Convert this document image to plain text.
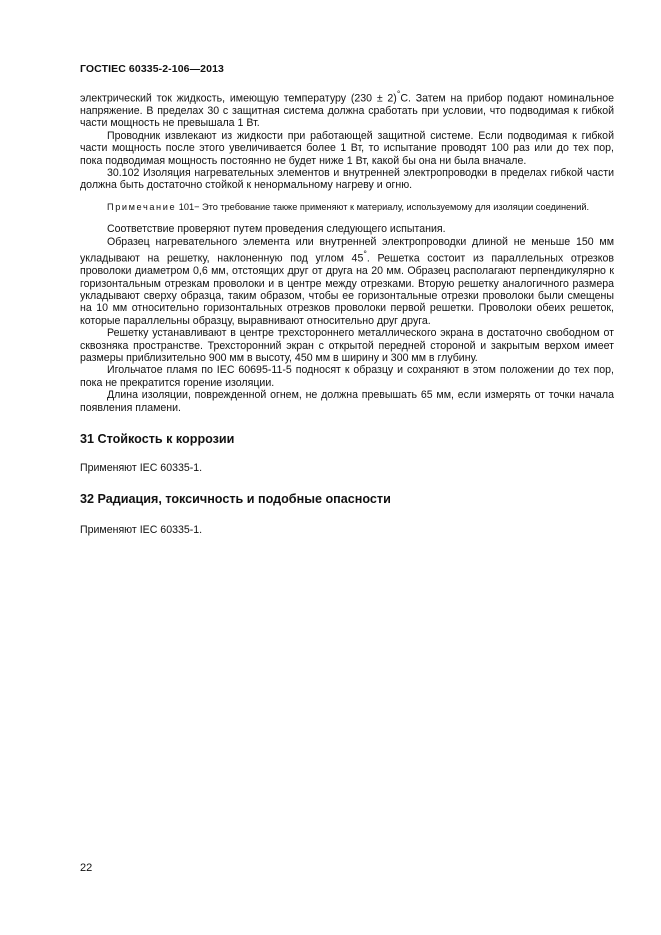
ГОСТIEC 60335-2-106—2013

электрический ток жидкость, имеющую температуру (230 ± 2)°С. Затем на прибор подают номинальное напряжение. В пределах 30 с защитная система должна сработать при условии, что подводимая к гибкой части мощность не превышала 1 Вт.

Проводник извлекают из жидкости при работающей защитной системе. Если подводимая к гибкой части мощность после этого увеличивается более 1 Вт, то испытание проводят 100 раз или до тех пор, пока подводимая мощность постоянно не будет ниже 1 Вт, какой бы она ни была вначале.

30.102 Изоляция нагревательных элементов и внутренней электропроводки в пределах гибкой части должна быть достаточно стойкой к ненормальному нагреву и огню.

Примечание 101− Это требование также применяют к материалу, используемому для изоляции соединений.

Соответствие проверяют путем проведения следующего испытания.

Образец нагревательного элемента или внутренней электропроводки длиной не меньше 150 мм укладывают на решетку, наклоненную под углом 45°. Решетка состоит из параллельных отрезков проволоки диаметром 0,6 мм, отстоящих друг от друга на 20 мм. Образец располагают перпендикулярно к горизонтальным отрезкам проволоки и в центре между отрезками. Вторую решетку аналогичного размера укладывают сверху образца, таким образом, чтобы ее горизонтальные отрезки проволоки были смещены на 10 мм относительно горизонтальных отрезков проволоки первой решетки. Проволоки обеих решеток, которые параллельны образцу, выравнивают относительно друг друга.

Решетку устанавливают в центре трехстороннего металлического экрана в достаточно свободном от сквозняка пространстве. Трехсторонний экран с открытой передней стороной и закрытым верхом имеет размеры приблизительно 900 мм в высоту, 450 мм в ширину и 300 мм в глубину.

Игольчатое пламя по IEC 60695-11-5 подносят к образцу и сохраняют в этом положении до тех пор, пока не прекратится горение изоляции.

Длина изоляции, поврежденной огнем, не должна превышать 65 мм, если измерять от точки начала появления пламени.

31 Стойкость к коррозии

Применяют IEC 60335-1.

32 Радиация, токсичность и подобные опасности

Применяют IEC 60335-1.

22
